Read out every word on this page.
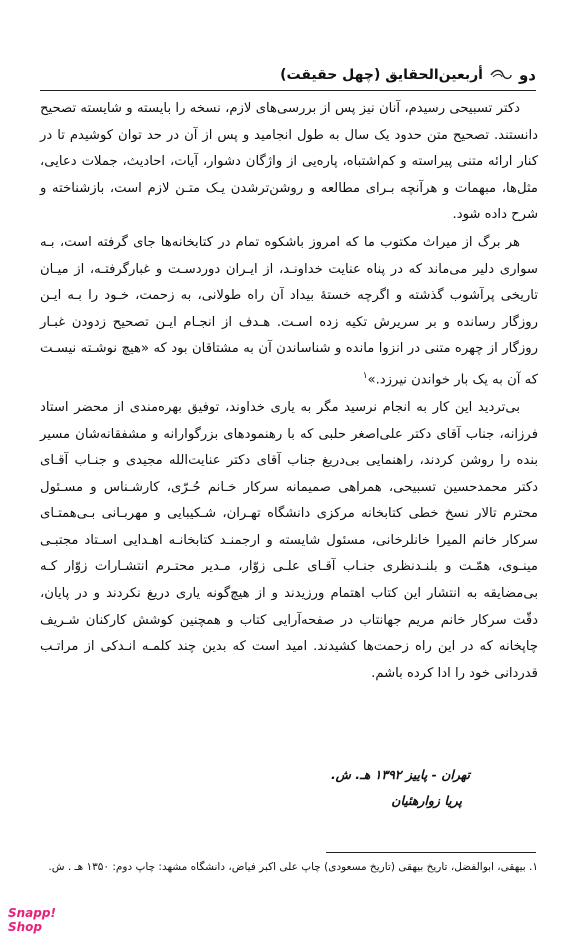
دو
أربعين‌الحقايق (چهل حقيقت)

دکتر تسبیحی رسیدم، آنان نیز پس از بررسی‌های لازم، نسخه را بایسته و شایسته تصحیح دانستند. تصحیح متن حدود یک سال به طول انجامید و پس از آن در حد توان کوشیدم تا در کنار ارائه متنی پیراسته و کم‌اشتباه، پاره‌یی از واژگان دشوار، آیات، احادیث، جملات دعایی، مثل‌ها، مبهمات و هرآنچه بـرای مطالعه و روشن‌ترشدن یـک متـن لازم است، بازشناخته و شرح داده شود.

هر برگ از میراث مکتوب ما که امروز باشکوه تمام در کتابخانه‌ها جای گرفته است، بـه سواری دلیر می‌ماند که در پناه عنایت خداونـد، از ایـران دوردسـت و غبارگرفتـه، از میـان تاریخی پرآشوب گذشته و اگرچه خستهٔ بیداد آن راه طولانی، به زحمت، خـود را بـه ایـن روزگار رسانده و بر سریرش تکیه زده اسـت. هـدف از انجـام ایـن تصحیح زدودن غبـار روزگار از چهره متنی در انزوا مانده و شناساندن آن به مشتاقان بود که «هیچ نوشـته نیسـت که آن به یک بار خواندن نیرزد.»$^۱$

بی‌تردید این کار به انجام نرسید مگر به یاری خداوند، توفیق بهره‌مندی از محضر استاد فرزانه، جناب آقای دکتر علی‌اصغر حلبی که با رهنمودهای بزرگوارانه و مشفقانه‌شان مسیر بنده را روشن کردند، راهنمایی بی‌دریغ جناب آقای دکتر عنایت‌الله مجیدی و جنـاب آقـای دکتر محمدحسین تسبیحی، همراهی صمیمانه سرکار خـانم حُـرّی، کارشـناس و مسـئول محترم تالار نسخ خطی کتابخانه مرکزی دانشگاه تهـران، شـکیبایی و مهربـانی بـی‌همتـای سرکار خانم المیرا خانلرخانی، مسئول شایسته و ارجمنـد کتابخانـه اهـدایی اسـتاد مجتبـی مینـوی، همّـت و بلنـدنظری جنـاب آقـای علـی زوّار، مـدیر محتـرم انتشـارات زوّار کـه بی‌مضایقه به انتشار این کتاب اهتمام ورزیدند و از هیچ‌گونه یاری دریغ نکردند و در پایان، دقّت سرکار خانم مریم جهانتاب در صفحه‌آرایی کتاب و همچنین کوشش کارکنان شـریف چاپخانه که در این راه زحمت‌ها کشیدند. امید است که بدین چند کلمـه انـدکی از مراتـب قدردانی خود را ادا کرده باشم.

تهران - پاییز ۱۳۹۲ هـ. ش.
پریا زوارهئیان
۱. بیهقی، ابوالفضل، تاریخ بیهقی (تاریخ مسعودی) چاپ علی اکبر فیاض، دانشگاه مشهد: چاپ دوم: ۱۳۵۰ هـ . ش.
Snapp!
Shop
